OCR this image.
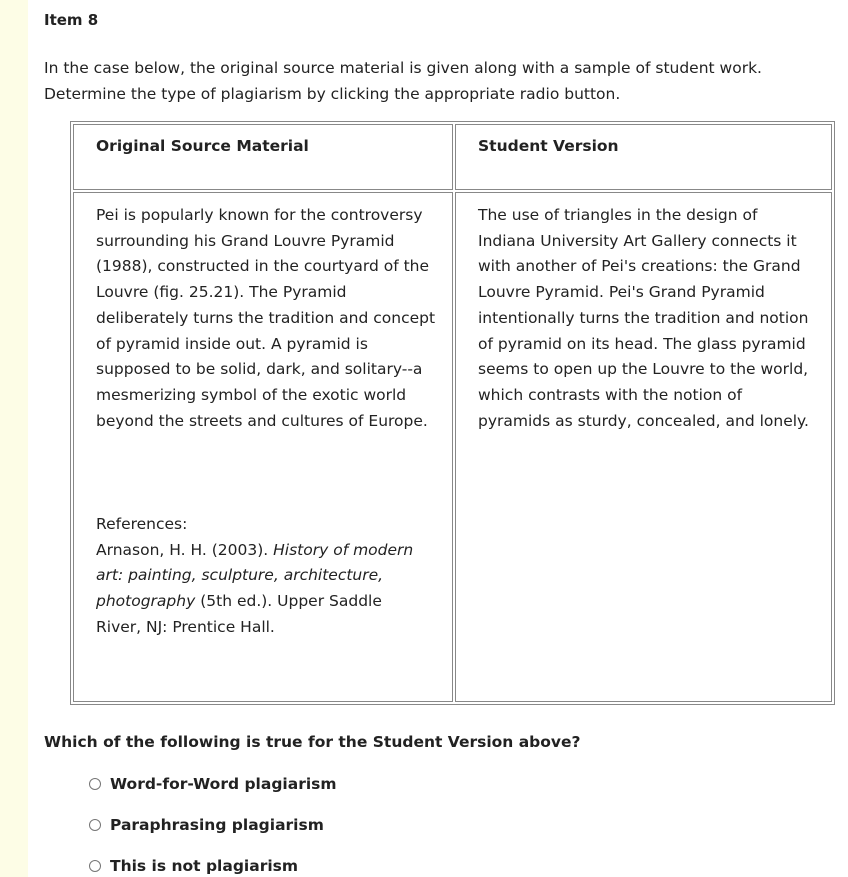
Item 8

In the case below, the original source material is given along with a sample of student work. Determine the type of plagiarism by clicking the appropriate radio button.

Original Source Material	Student Version

Pei is popularly known for the controversy surrounding his Grand Louvre Pyramid (1988), constructed in the courtyard of the Louvre (fig. 25.21). The Pyramid deliberately turns the tradition and concept of pyramid inside out. A pyramid is supposed to be solid, dark, and solitary--a mesmerizing symbol of the exotic world beyond the streets and cultures of Europe.

References:

Arnason, H. H. (2003). History of modern art: painting, sculpture, architecture, photography (5th ed.). Upper Saddle River, NJ: Prentice Hall.

The use of triangles in the design of Indiana University Art Gallery connects it with another of Pei's creations: the Grand Louvre Pyramid. Pei's Grand Pyramid intentionally turns the tradition and notion of pyramid on its head. The glass pyramid seems to open up the Louvre to the world, which contrasts with the notion of pyramids as sturdy, concealed, and lonely.

Which of the following is true for the Student Version above?

Word-for-Word plagiarism
Paraphrasing plagiarism
This is not plagiarism
